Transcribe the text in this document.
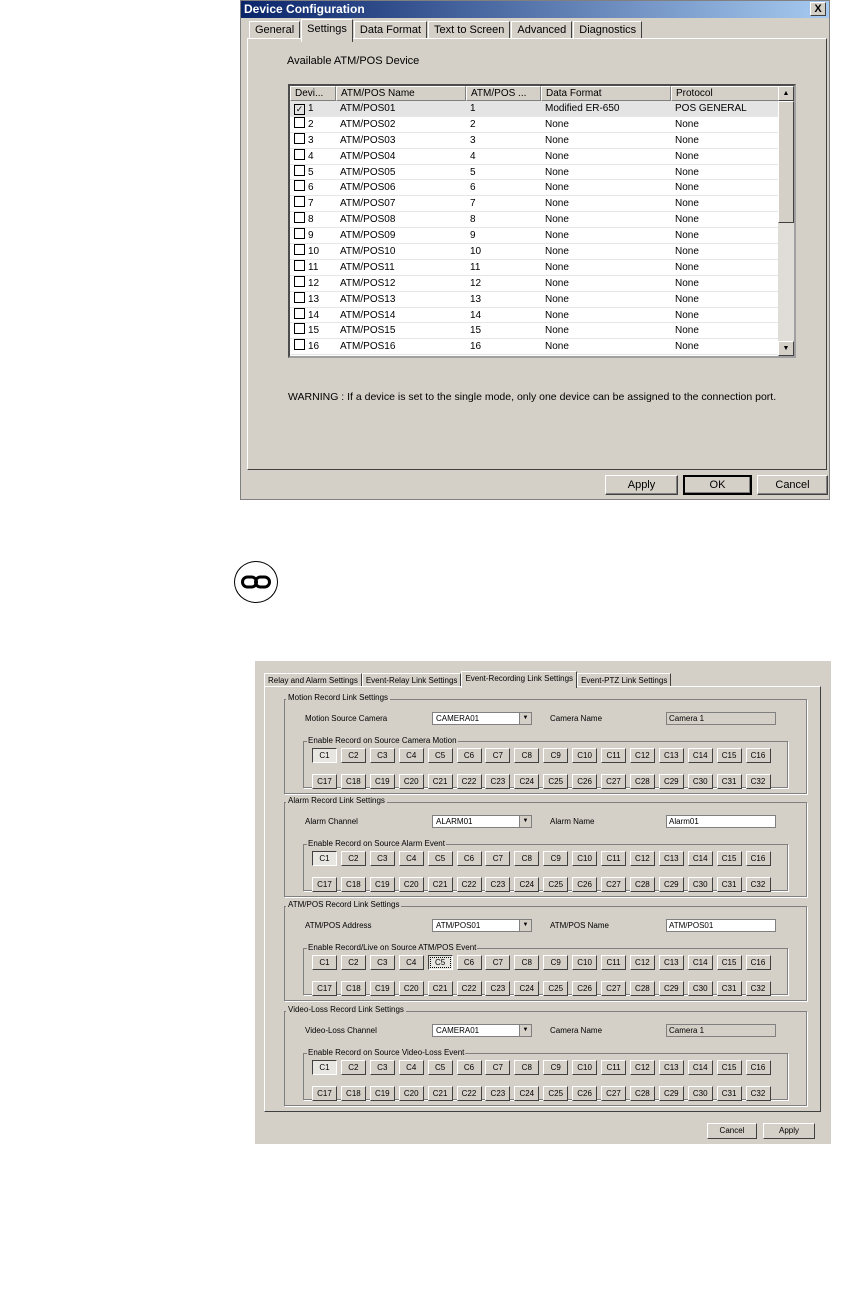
Device Configuration	X
General	Settings	Data Format	Text to Screen	Advanced	Diagnostics
Available ATM/POS Device
Devi...	ATM/POS Name	ATM/POS ...	Data Format	Protocol
✓ 1	ATM/POS01	1	Modified ER-650	POS GENERAL
2	ATM/POS02	2	None	None
3	ATM/POS03	3	None	None
4	ATM/POS04	4	None	None
5	ATM/POS05	5	None	None
6	ATM/POS06	6	None	None
7	ATM/POS07	7	None	None
8	ATM/POS08	8	None	None
9	ATM/POS09	9	None	None
10	ATM/POS10	10	None	None
11	ATM/POS11	11	None	None
12	ATM/POS12	12	None	None
13	ATM/POS13	13	None	None
14	ATM/POS14	14	None	None
15	ATM/POS15	15	None	None
16	ATM/POS16	16	None	None
▲
▼
WARNING : If a device is set to the single mode, only one device can be assigned to the connection port.
Apply	OK	Cancel
Relay and Alarm Settings	Event-Relay Link Settings	Event-Recording Link Settings	Event-PTZ Link Settings
Motion Record Link Settings
Motion Source Camera	CAMERA01	▼	Camera Name	Camera 1
Enable Record on Source Camera Motion
C1	C2	C3	C4	C5	C6	C7	C8	C9	C10	C11	C12	C13	C14	C15	C16
C17	C18	C19	C20	C21	C22	C23	C24	C25	C26	C27	C28	C29	C30	C31	C32
Alarm Record Link Settings
Alarm Channel	ALARM01	▼	Alarm Name	Alarm01
Enable Record on Source Alarm Event
C1	C2	C3	C4	C5	C6	C7	C8	C9	C10	C11	C12	C13	C14	C15	C16
C17	C18	C19	C20	C21	C22	C23	C24	C25	C26	C27	C28	C29	C30	C31	C32
ATM/POS Record Link Settings
ATM/POS Address	ATM/POS01	▼	ATM/POS Name	ATM/POS01
Enable Record/Live on Source ATM/POS Event
C1	C2	C3	C4	C5	C6	C7	C8	C9	C10	C11	C12	C13	C14	C15	C16
C17	C18	C19	C20	C21	C22	C23	C24	C25	C26	C27	C28	C29	C30	C31	C32
Video-Loss Record Link Settings
Video-Loss Channel	CAMERA01	▼	Camera Name	Camera 1
Enable Record on Source Video-Loss Event
C1	C2	C3	C4	C5	C6	C7	C8	C9	C10	C11	C12	C13	C14	C15	C16
C17	C18	C19	C20	C21	C22	C23	C24	C25	C26	C27	C28	C29	C30	C31	C32
Cancel	Apply
